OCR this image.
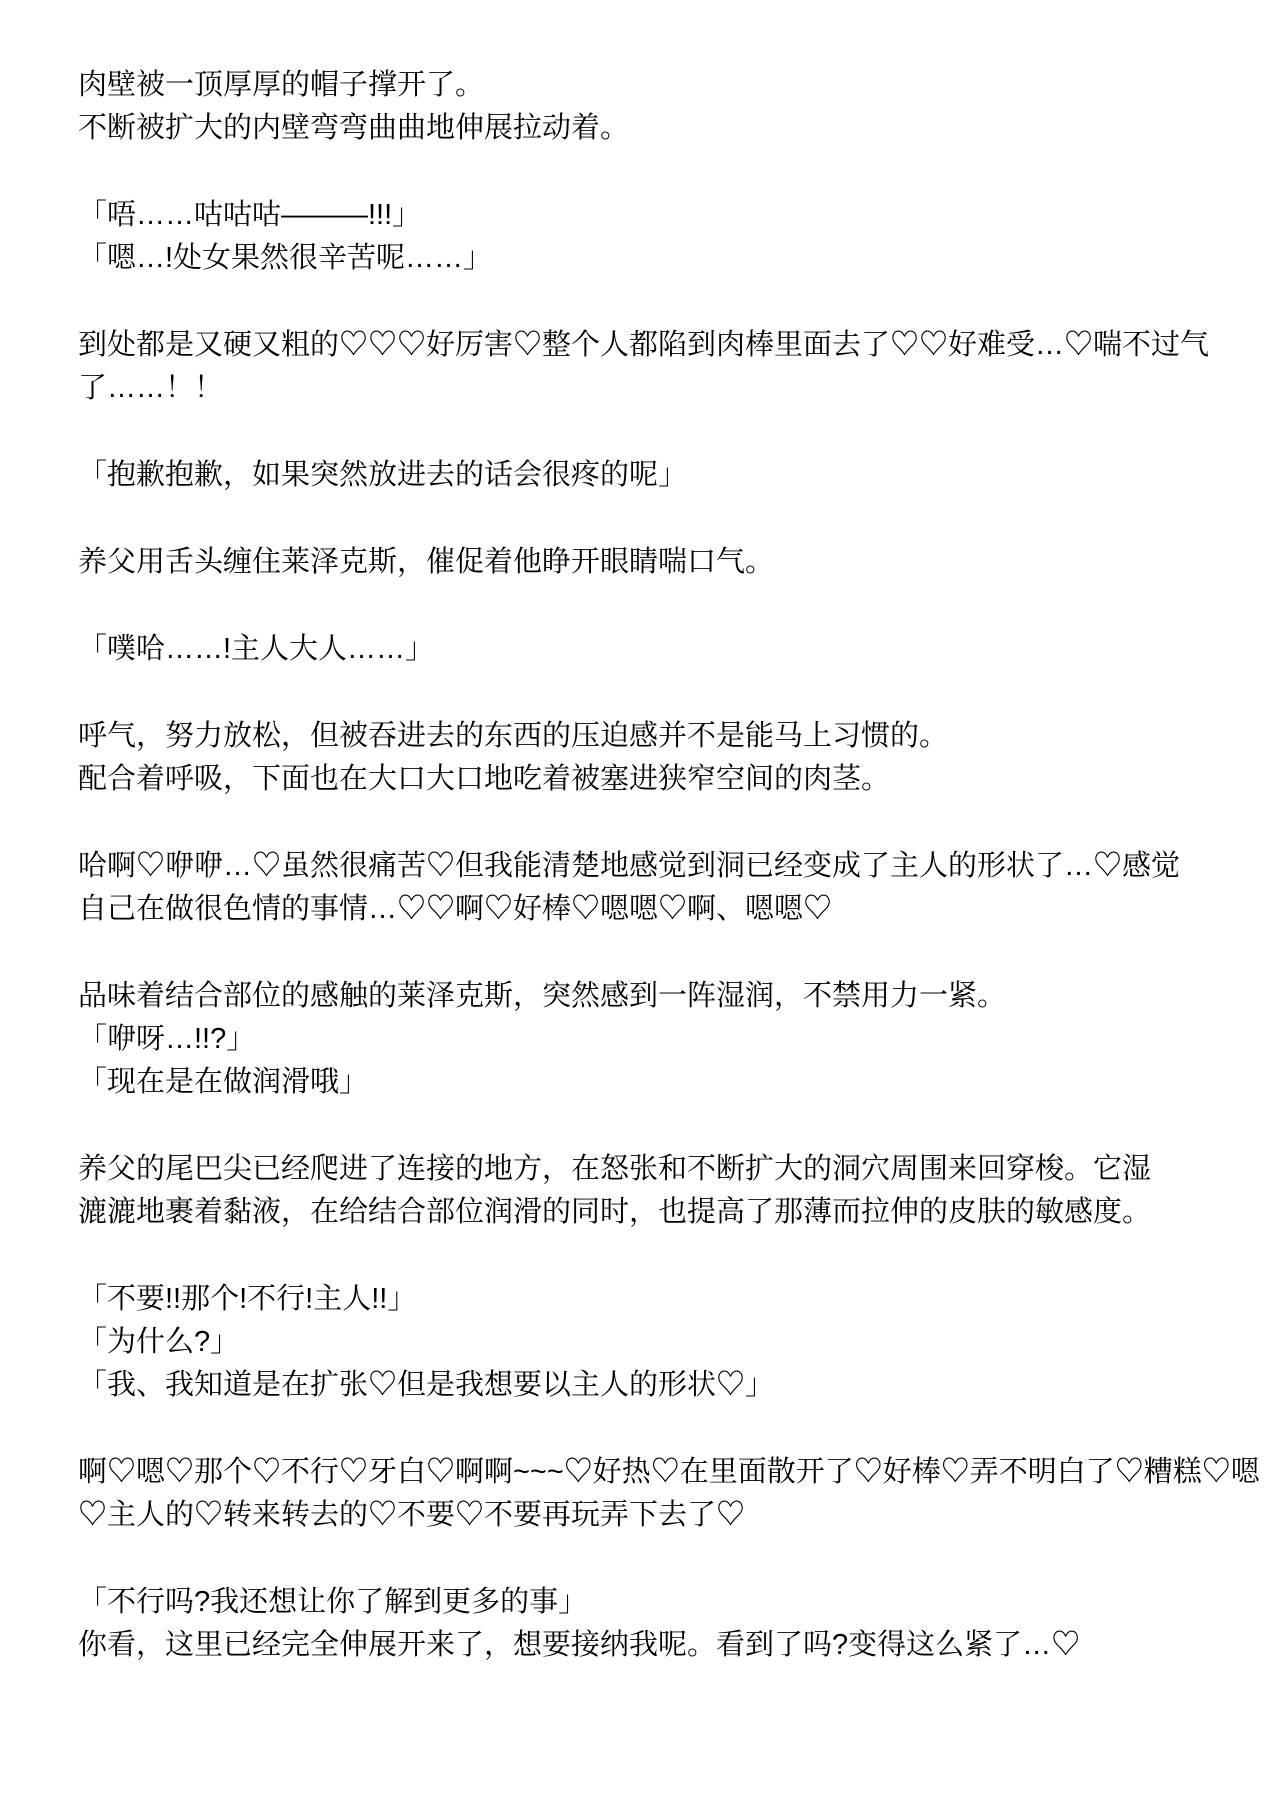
肉壁被一顶厚厚的帽子撑开了。
不断被扩大的内壁弯弯曲曲地伸展拉动着。
「唔……咕咕咕———!!!」
「嗯…!处女果然很辛苦呢……」
到处都是又硬又粗的♡♡♡好厉害♡整个人都陷到肉棒里面去了♡♡好难受…♡喘不过气
了……！！
「抱歉抱歉，如果突然放进去的话会很疼的呢」
养父用舌头缠住莱泽克斯，催促着他睁开眼睛喘口气。
「噗哈……!主人大人……」
呼气，努力放松，但被吞进去的东西的压迫感并不是能马上习惯的。
配合着呼吸，下面也在大口大口地吃着被塞进狭窄空间的肉茎。
哈啊♡咿咿…♡虽然很痛苦♡但我能清楚地感觉到洞已经变成了主人的形状了…♡感觉
自己在做很色情的事情…♡♡啊♡好棒♡嗯嗯♡啊、嗯嗯♡
品味着结合部位的感触的莱泽克斯，突然感到一阵湿润，不禁用力一紧。
「咿呀…!!?」
「现在是在做润滑哦」
养父的尾巴尖已经爬进了连接的地方，在怒张和不断扩大的洞穴周围来回穿梭。它湿
漉漉地裹着黏液，在给结合部位润滑的同时，也提高了那薄而拉伸的皮肤的敏感度。
「不要!!那个!不行!主人!!」
「为什么?」
「我、我知道是在扩张♡但是我想要以主人的形状♡」
啊♡嗯♡那个♡不行♡牙白♡啊啊~~~♡好热♡在里面散开了♡好棒♡弄不明白了♡糟糕♡嗯
♡主人的♡转来转去的♡不要♡不要再玩弄下去了♡
「不行吗?我还想让你了解到更多的事」
你看，这里已经完全伸展开来了，想要接纳我呢。看到了吗?变得这么紧了…♡
